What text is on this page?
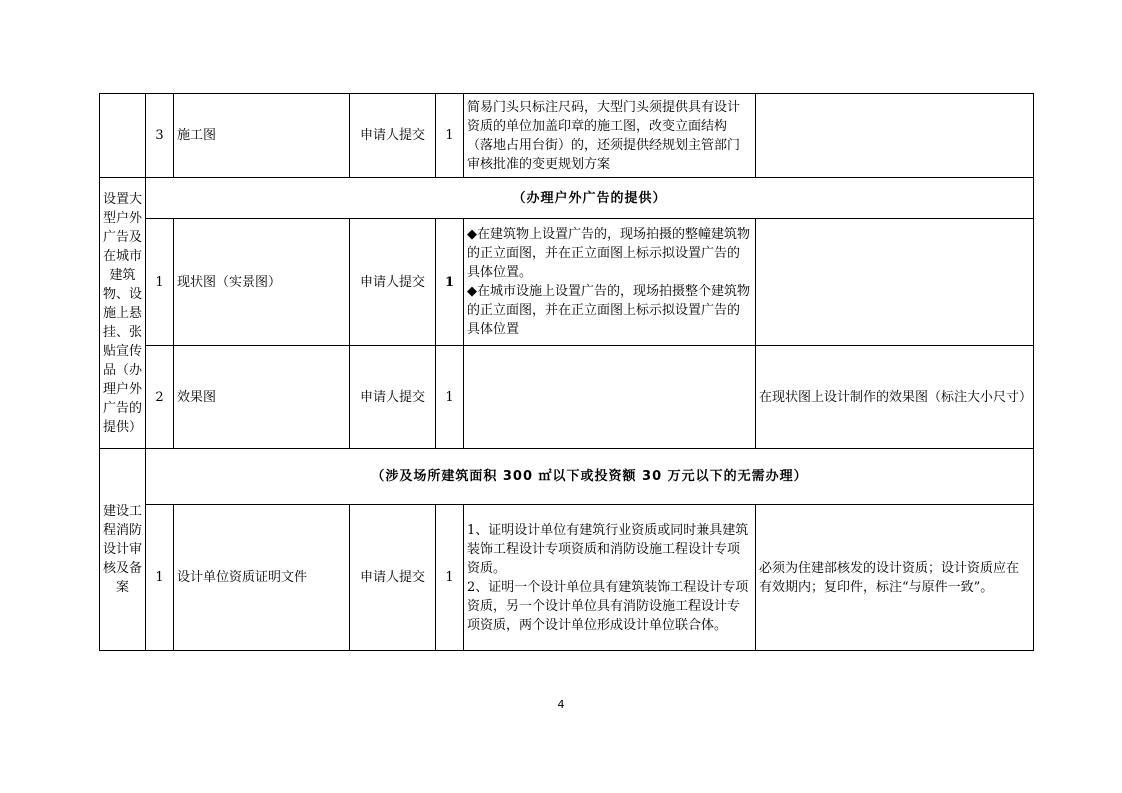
	3	施工图	申请人提交	1	简易门头只标注尺码，大型门头须提供具有设计资质的单位加盖印章的施工图，改变立面结构（落地占用台街）的，还须提供经规划主管部门审核批准的变更规划方案	
设置大型户外广告及在城市建筑物、设施上悬挂、张贴宣传品（办理户外广告的提供）	（办理户外广告的提供）					
	1	现状图（实景图）	申请人提交	1	◆在建筑物上设置广告的，现场拍摄的整幢建筑物的正立面图，并在正立面图上标示拟设置广告的具体位置。
◆在城市设施上设置广告的，现场拍摄整个建筑物的正立面图，并在正立面图上标示拟设置广告的具体位置	

	2	效果图	申请人提交	1		在现状图上设计制作的效果图（标注大小尺寸）
建设工程消防设计审核及备案	（涉及场所建筑面积 300 ㎡以下或投资额 30 万元以下的无需办理）					
	1	设计单位资质证明文件	申请人提交	1	1、证明设计单位有建筑行业资质或同时兼具建筑装饰工程设计专项资质和消防设施工程设计专项资质。
2、证明一个设计单位具有建筑装饰工程设计专项资质，另一个设计单位具有消防设施工程设计专项资质，两个设计单位形成设计单位联合体。	必须为住建部核发的设计资质；设计资质应在有效期内；复印件，标注“与原件一致”。
4
